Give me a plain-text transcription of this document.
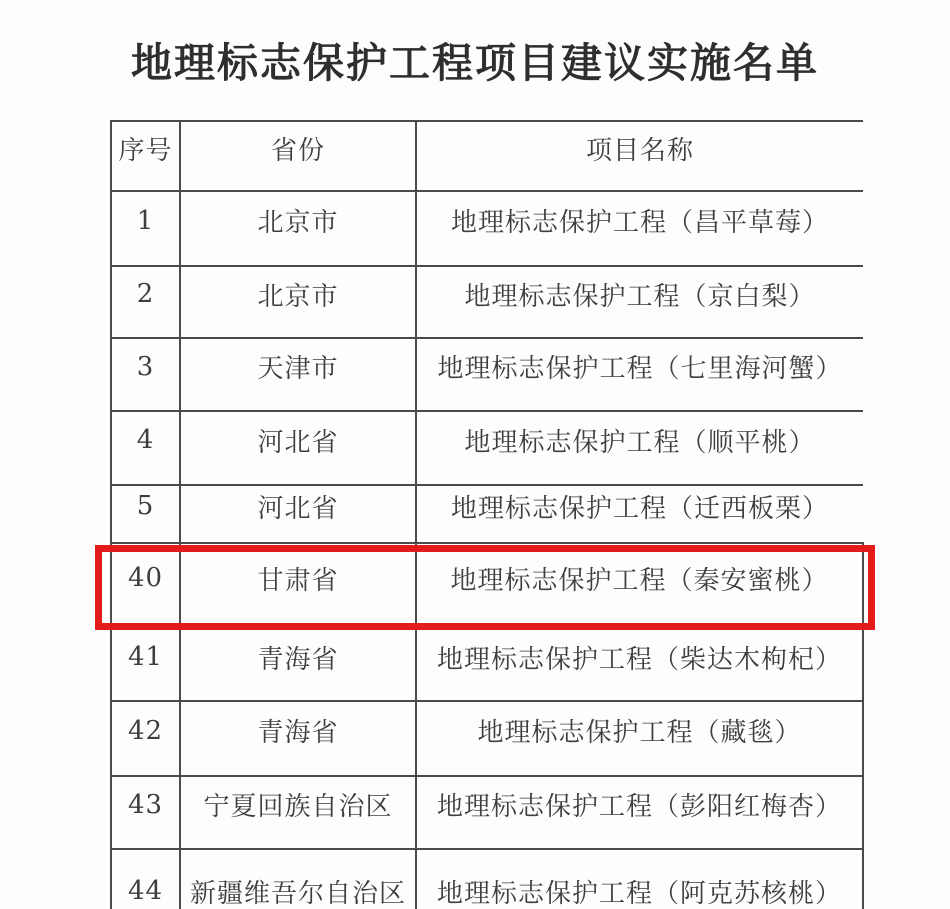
地理标志保护工程项目建议实施名单
序号	省份	项目名称
1	北京市	地理标志保护工程（昌平草莓）
2	北京市	地理标志保护工程（京白梨）
3	天津市	地理标志保护工程（七里海河蟹）
4	河北省	地理标志保护工程（顺平桃）
5	河北省	地理标志保护工程（迁西板栗）
40	甘肃省	地理标志保护工程（秦安蜜桃）
41	青海省	地理标志保护工程（柴达木枸杞）
42	青海省	地理标志保护工程（藏毯）
43	宁夏回族自治区	地理标志保护工程（彭阳红梅杏）
44	新疆维吾尔自治区	地理标志保护工程（阿克苏核桃）
